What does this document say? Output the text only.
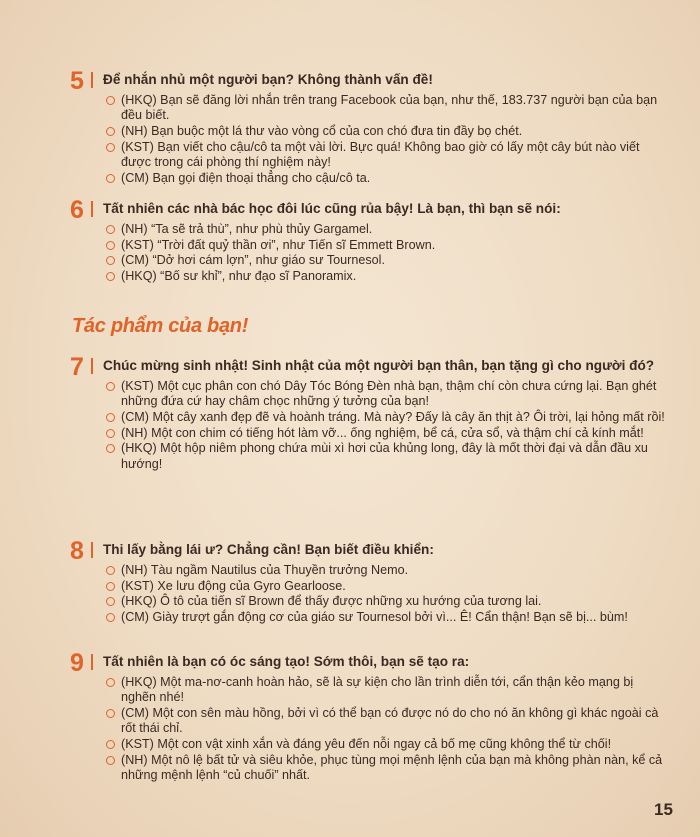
5	Để nhắn nhủ một người bạn? Không thành vấn đề!
(HKQ) Bạn sẽ đăng lời nhắn trên trang Facebook của bạn, như thế, 183.737 người bạn của bạn đều biết.
(NH) Bạn buộc một lá thư vào vòng cổ của con chó đưa tin đầy bọ chét.
(KST) Bạn viết cho cậu/cô ta một vài lời. Bực quá! Không bao giờ có lấy một cây bút nào viết được trong cái phòng thí nghiệm này!
(CM) Bạn gọi điện thoại thẳng cho cậu/cô ta.
6	Tất nhiên các nhà bác học đôi lúc cũng rủa bậy! Là bạn, thì bạn sẽ nói:
(NH) “Ta sẽ trả thù”, như phù thủy Gargamel.
(KST) “Trời đất quỷ thần ơi”, như Tiến sĩ Emmett Brown.
(CM) “Dở hơi cám lợn”, như giáo sư Tournesol.
(HKQ) “Bố sư khỉ”, như đạo sĩ Panoramix.
Tác phẩm của bạn!
7	Chúc mừng sinh nhật! Sinh nhật của một người bạn thân, bạn tặng gì cho người đó?
(KST) Một cục phân con chó Dây Tóc Bóng Đèn nhà bạn, thậm chí còn chưa cứng lại. Bạn ghét những đứa cứ hay châm chọc những ý tưởng của bạn!
(CM) Một cây xanh đẹp đẽ và hoành tráng. Mà này? Đấy là cây ăn thịt à? Ôi trời, lại hỏng mất rồi!
(NH) Một con chim có tiếng hót làm vỡ... ống nghiệm, bể cá, cửa sổ, và thậm chí cả kính mắt!
(HKQ) Một hộp niêm phong chứa mùi xì hơi của khủng long, đây là mốt thời đại và dẫn đầu xu hướng!
8	Thi lấy bằng lái ư? Chẳng cần! Bạn biết điều khiển:
(NH) Tàu ngầm Nautilus của Thuyền trưởng Nemo.
(KST) Xe lưu động của Gyro Gearloose.
(HKQ) Ô tô của tiến sĩ Brown để thấy được những xu hướng của tương lai.
(CM) Giày trượt gắn động cơ của giáo sư Tournesol bởi vì... Ê! Cẩn thận! Bạn sẽ bị... bùm!
9	Tất nhiên là bạn có óc sáng tạo! Sớm thôi, bạn sẽ tạo ra:
(HKQ) Một ma-nơ-canh hoàn hảo, sẽ là sự kiện cho lần trình diễn tới, cẩn thận kẻo mạng bị nghẽn nhé!
(CM) Một con sên màu hồng, bởi vì có thể bạn có được nó do cho nó ăn không gì khác ngoài cà rốt thái chỉ.
(KST) Một con vật xinh xắn và đáng yêu đến nỗi ngay cả bố mẹ cũng không thể từ chối!
(NH) Một nô lệ bất tử và siêu khỏe, phục tùng mọi mệnh lệnh của bạn mà không phàn nàn, kể cả những mệnh lệnh “củ chuối” nhất.
15
